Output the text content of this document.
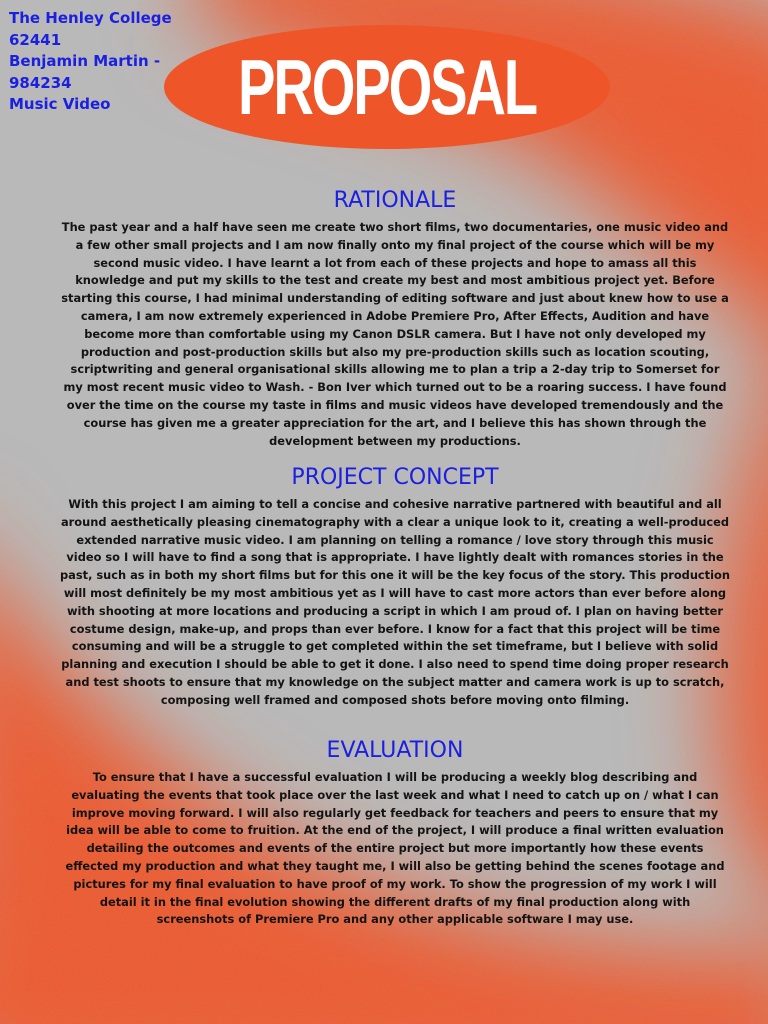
The Henley College
62441
Benjamin Martin -
984234
Music Video	PROPOSAL
RATIONALE

The past year and a half have seen me create two short films, two documentaries, one music video and a few other small projects and I am now finally onto my final project of the course which will be my second music video. I have learnt a lot from each of these projects and hope to amass all this knowledge and put my skills to the test and create my best and most ambitious project yet. Before starting this course, I had minimal understanding of editing software and just about knew how to use a camera, I am now extremely experienced in Adobe Premiere Pro, After Effects, Audition and have become more than comfortable using my Canon DSLR camera. But I have not only developed my production and post-production skills but also my pre-production skills such as location scouting, scriptwriting and general organisational skills allowing me to plan a trip a 2-day trip to Somerset for my most recent music video to Wash. - Bon Iver which turned out to be a roaring success. I have found over the time on the course my taste in films and music videos have developed tremendously and the course has given me a greater appreciation for the art, and I believe this has shown through the development between my productions.

PROJECT CONCEPT

With this project I am aiming to tell a concise and cohesive narrative partnered with beautiful and all around aesthetically pleasing cinematography with a clear a unique look to it, creating a well-produced extended narrative music video. I am planning on telling a romance / love story through this music video so I will have to find a song that is appropriate. I have lightly dealt with romances stories in the past, such as in both my short films but for this one it will be the key focus of the story. This production will most definitely be my most ambitious yet as I will have to cast more actors than ever before along with shooting at more locations and producing a script in which I am proud of. I plan on having better costume design, make-up, and props than ever before. I know for a fact that this project will be time consuming and will be a struggle to get completed within the set timeframe, but I believe with solid planning and execution I should be able to get it done. I also need to spend time doing proper research and test shoots to ensure that my knowledge on the subject matter and camera work is up to scratch, composing well framed and composed shots before moving onto filming.

EVALUATION

To ensure that I have a successful evaluation I will be producing a weekly blog describing and evaluating the events that took place over the last week and what I need to catch up on / what I can improve moving forward. I will also regularly get feedback for teachers and peers to ensure that my idea will be able to come to fruition. At the end of the project, I will produce a final written evaluation detailing the outcomes and events of the entire project but more importantly how these events effected my production and what they taught me, I will also be getting behind the scenes footage and pictures for my final evaluation to have proof of my work. To show the progression of my work I will detail it in the final evolution showing the different drafts of my final production along with screenshots of Premiere Pro and any other applicable software I may use.
